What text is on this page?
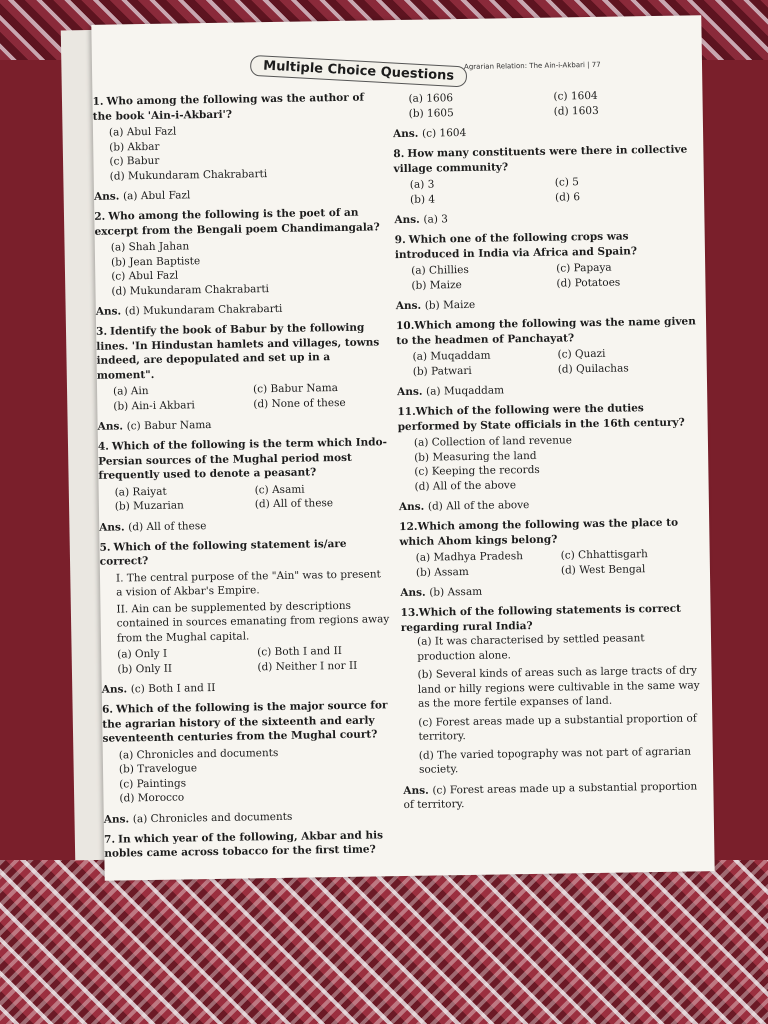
Multiple Choice Questions	Agrarian Relation: The Ain-i-Akbari | 77
1.Who among the following was the author of the book 'Ain-i-Akbari'?
(a) Abul Fazl
(b) Akbar
(c) Babur
(d) Mukundaram Chakrabarti
Ans. (a) Abul Fazl
2.Who among the following is the poet of an excerpt from the Bengali poem Chandimangala?
(a) Shah Jahan
(b) Jean Baptiste
(c) Abul Fazl
(d) Mukundaram Chakrabarti
Ans. (d) Mukundaram Chakrabarti
3.Identify the book of Babur by the following lines. 'In Hindustan hamlets and villages, towns indeed, are depopulated and set up in a moment".
(a) Ain	(c) Babur Nama
(b) Ain-i Akbari	(d) None of these
Ans. (c) Babur Nama
4.Which of the following is the term which Indo-Persian sources of the Mughal period most frequently used to denote a peasant?
(a) Raiyat	(c) Asami
(b) Muzarian	(d) All of these
Ans. (d) All of these
5.Which of the following statement is/are correct?
I. The central purpose of the "Ain" was to present a vision of Akbar's Empire.
II. Ain can be supplemented by descriptions contained in sources emanating from regions away from the Mughal capital.
(a) Only I	(c) Both I and II
(b) Only II	(d) Neither I nor II
Ans. (c) Both I and II
6.Which of the following is the major source for the agrarian history of the sixteenth and early seventeenth centuries from the Mughal court?
(a) Chronicles and documents
(b) Travelogue
(c) Paintings
(d) Morocco
Ans. (a) Chronicles and documents
7.In which year of the following, Akbar and his nobles came across tobacco for the first time?
(a) 1606	(c) 1604
(b) 1605	(d) 1603
Ans. (c) 1604
8.How many constituents were there in collective village community?
(a) 3	(c) 5
(b) 4	(d) 6
Ans. (a) 3
9.Which one of the following crops was introduced in India via Africa and Spain?
(a) Chillies	(c) Papaya
(b) Maize	(d) Potatoes
Ans. (b) Maize
10.Which among the following was the name given to the headmen of Panchayat?
(a) Muqaddam	(c) Quazi
(b) Patwari	(d) Quilachas
Ans. (a) Muqaddam
11.Which of the following were the duties performed by State officials in the 16th century?
(a) Collection of land revenue
(b) Measuring the land
(c) Keeping the records
(d) All of the above
Ans. (d) All of the above
12.Which among the following was the place to which Ahom kings belong?
(a) Madhya Pradesh	(c) Chhattisgarh
(b) Assam	(d) West Bengal
Ans. (b) Assam
13.Which of the following statements is correct regarding rural India?
(a) It was characterised by settled peasant production alone.
(b) Several kinds of areas such as large tracts of dry land or hilly regions were cultivable in the same way as the more fertile expanses of land.
(c) Forest areas made up a substantial proportion of territory.
(d) The varied topography was not part of agrarian society.
Ans. (c) Forest areas made up a substantial proportion of territory.
